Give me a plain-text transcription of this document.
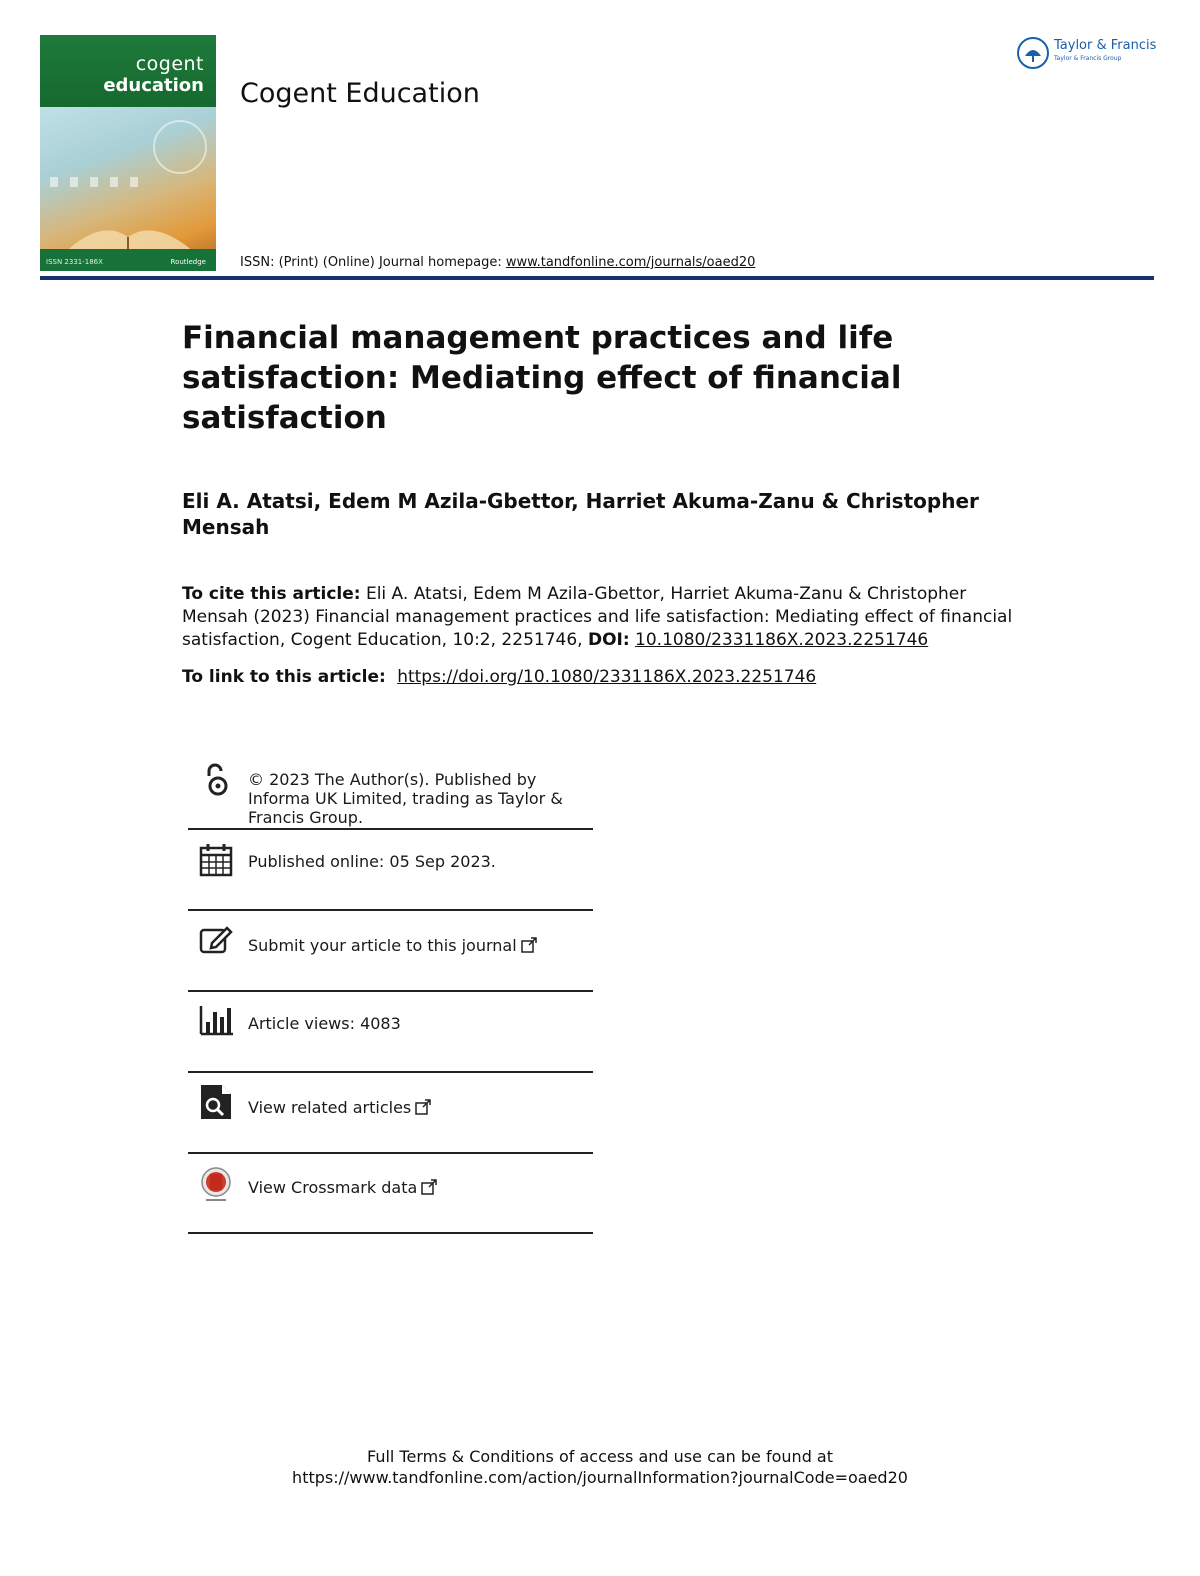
cogent
education
ISSN 2331-186X	Routledge
Cogent Education
Taylor & Francis
Taylor & Francis Group
ISSN: (Print) (Online) Journal homepage: www.tandfonline.com/journals/oaed20
Financial management practices and life satisfaction: Mediating effect of financial satisfaction
Eli A. Atatsi, Edem M Azila-Gbettor, Harriet Akuma-Zanu & Christopher Mensah
To cite this article: Eli A. Atatsi, Edem M Azila-Gbettor, Harriet Akuma-Zanu & Christopher Mensah (2023) Financial management practices and life satisfaction: Mediating effect of financial satisfaction, Cogent Education, 10:2, 2251746, DOI: 10.1080/2331186X.2023.2251746
To link to this article: https://doi.org/10.1080/2331186X.2023.2251746
© 2023 The Author(s). Published by Informa UK Limited, trading as Taylor & Francis Group.
Published online: 05 Sep 2023.
Submit your article to this journal
Article views: 4083
View related articles
View Crossmark data
Full Terms & Conditions of access and use can be found at
https://www.tandfonline.com/action/journalInformation?journalCode=oaed20
